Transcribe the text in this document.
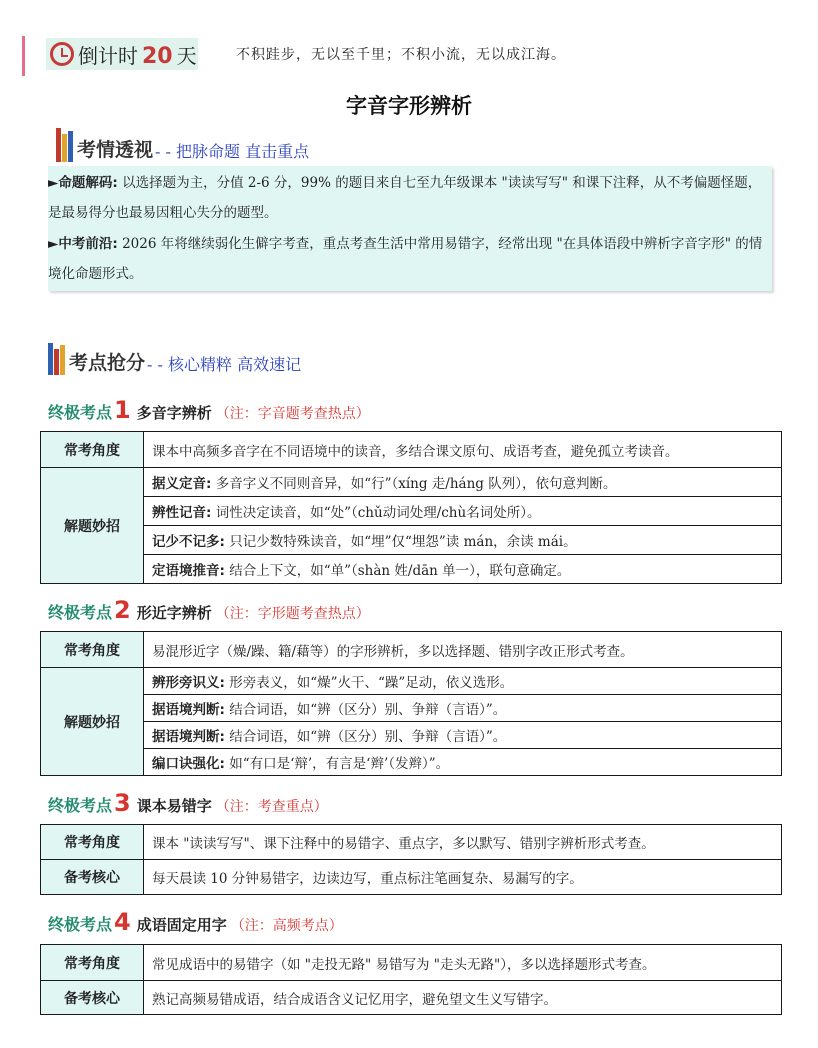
倒计时 20 天	不积跬步，无以至千里；不积小流，无以成江海。
字音字形辨析
考情透视 - - 把脉命题 直击重点
►命题解码: 以选择题为主，分值 2-6 分，99% 的题目来自七至九年级课本 "读读写写" 和课下注释，从不考偏题怪题，是最易得分也最易因粗心失分的题型。
►中考前沿: 2026 年将继续弱化生僻字考查，重点考查生活中常用易错字，经常出现 "在具体语段中辨析字音字形" 的情境化命题形式。
考点抢分 - - 核心精粹 高效速记
终极考点 1 多音字辨析 （注：字音题考查热点）
常考角度	课本中高频多音字在不同语境中的读音，多结合课文原句、成语考查，避免孤立考读音。
解题妙招	据义定音: 多音字义不同则音异，如“行”（xíng 走/háng 队列），依句意判断。
	辨性记音: 词性决定读音，如“处”（chǔ动词处理/chù名词处所）。
	记少不记多: 只记少数特殊读音，如“埋”仅“埋怨”读 mán，余读 mái。
	定语境推音: 结合上下文，如“单”（shàn 姓/dān 单一），联句意确定。
终极考点 2 形近字辨析 （注：字形题考查热点）
常考角度	易混形近字（燥/躁、籍/藉等）的字形辨析，多以选择题、错别字改正形式考查。
解题妙招	辨形旁识义: 形旁表义，如“燥”火干、“躁”足动，依义选形。
	据语境判断: 结合词语，如“辨（区分）别、争辩（言语）”。
	据语境判断: 结合词语，如“辨（区分）别、争辩（言语）”。
	编口诀强化: 如“有口是‘辩’，有言是‘辫’（发辫）”。
终极考点 3 课本易错字 （注：考查重点）
常考角度	课本 "读读写写"、课下注释中的易错字、重点字，多以默写、错别字辨析形式考查。
备考核心	每天晨读 10 分钟易错字，边读边写，重点标注笔画复杂、易漏写的字。
终极考点 4 成语固定用字 （注：高频考点）
常考角度	常见成语中的易错字（如 "走投无路" 易错写为 "走头无路"），多以选择题形式考查。
备考核心	熟记高频易错成语，结合成语含义记忆用字，避免望文生义写错字。
